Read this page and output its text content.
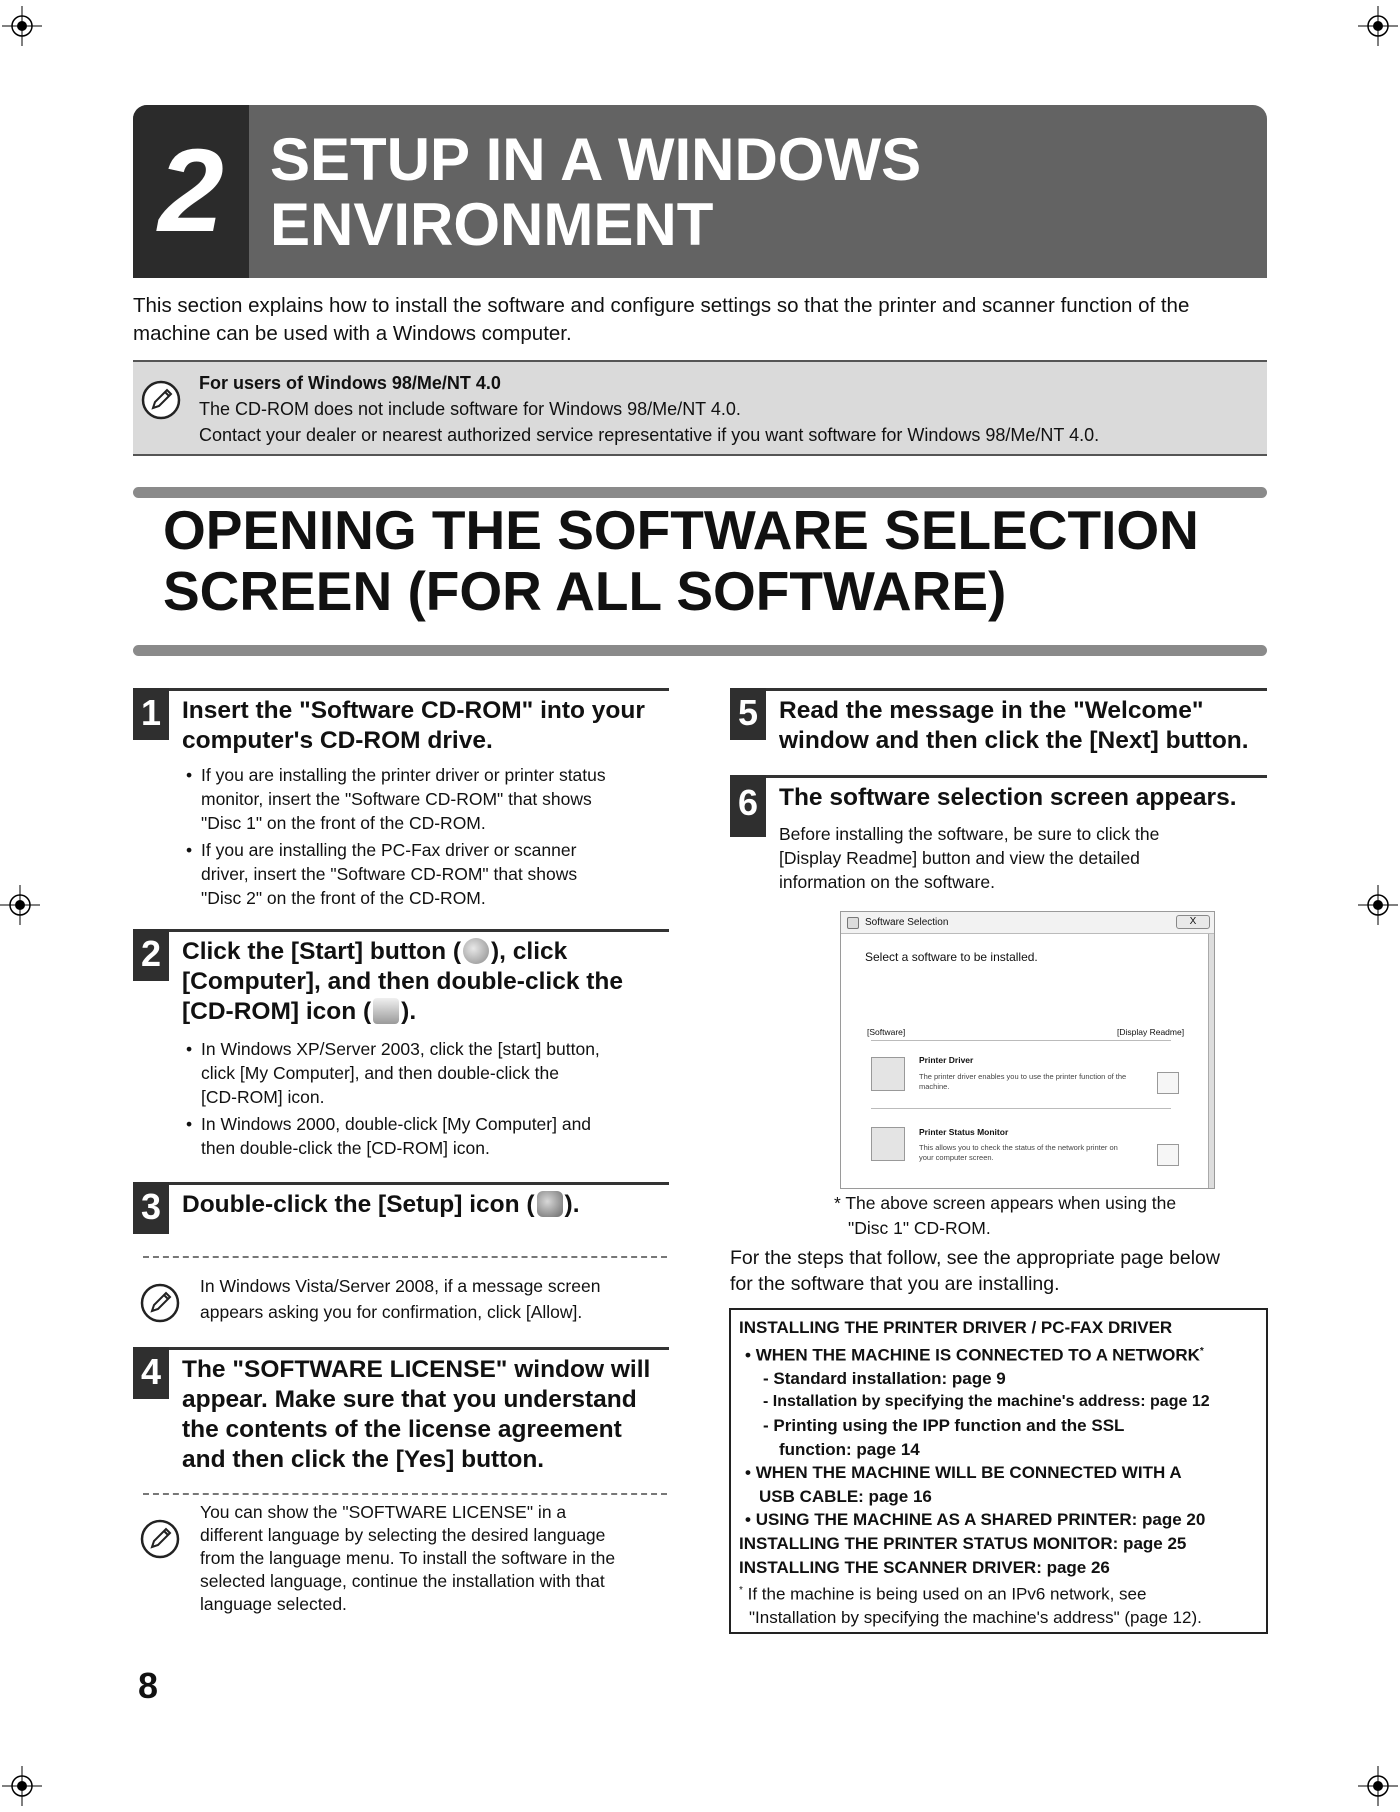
2 SETUP IN A WINDOWS
ENVIRONMENT
This section explains how to install the software and configure settings so that the printer and scanner function of the
machine can be used with a Windows computer.
For users of Windows 98/Me/NT 4.0
The CD-ROM does not include software for Windows 98/Me/NT 4.0.
Contact your dealer or nearest authorized service representative if you want software for Windows 98/Me/NT 4.0.
OPENING THE SOFTWARE SELECTION
SCREEN (FOR ALL SOFTWARE)
1 Insert the "Software CD-ROM" into your
computer's CD-ROM drive.
• If you are installing the printer driver or printer status
monitor, insert the "Software CD-ROM" that shows
"Disc 1" on the front of the CD-ROM.
• If you are installing the PC-Fax driver or scanner
driver, insert the "Software CD-ROM" that shows
"Disc 2" on the front of the CD-ROM.
2 Click the [Start] button ( ), click
[Computer], and then double-click the
[CD-ROM] icon ( ).
• In Windows XP/Server 2003, click the [start] button,
click [My Computer], and then double-click the
[CD-ROM] icon.
• In Windows 2000, double-click [My Computer] and
then double-click the [CD-ROM] icon.
3 Double-click the [Setup] icon ( ).
In Windows Vista/Server 2008, if a message screen
appears asking you for confirmation, click [Allow].
4 The "SOFTWARE LICENSE" window will
appear. Make sure that you understand
the contents of the license agreement
and then click the [Yes] button.
You can show the "SOFTWARE LICENSE" in a
different language by selecting the desired language
from the language menu. To install the software in the
selected language, continue the installation with that
language selected.
5 Read the message in the "Welcome"
window and then click the [Next] button.
6 The software selection screen appears.
Before installing the software, be sure to click the
[Display Readme] button and view the detailed
information on the software.
Software Selection	X
Select a software to be installed.
[Software]	[Display Readme]
Printer Driver
The printer driver enables you to use the printer function of the
machine.
Printer Status Monitor
This allows you to check the status of the network printer on
your computer screen.
* The above screen appears when using the
"Disc 1" CD-ROM.
For the steps that follow, see the appropriate page below
for the software that you are installing.
INSTALLING THE PRINTER DRIVER / PC-FAX DRIVER
• WHEN THE MACHINE IS CONNECTED TO A NETWORK*
- Standard installation: page 9
- Installation by specifying the machine's address: page 12
- Printing using the IPP function and the SSL
function: page 14
• WHEN THE MACHINE WILL BE CONNECTED WITH A
USB CABLE: page 16
• USING THE MACHINE AS A SHARED PRINTER: page 20
INSTALLING THE PRINTER STATUS MONITOR: page 25
INSTALLING THE SCANNER DRIVER: page 26
* If the machine is being used on an IPv6 network, see
"Installation by specifying the machine's address" (page 12).
8
